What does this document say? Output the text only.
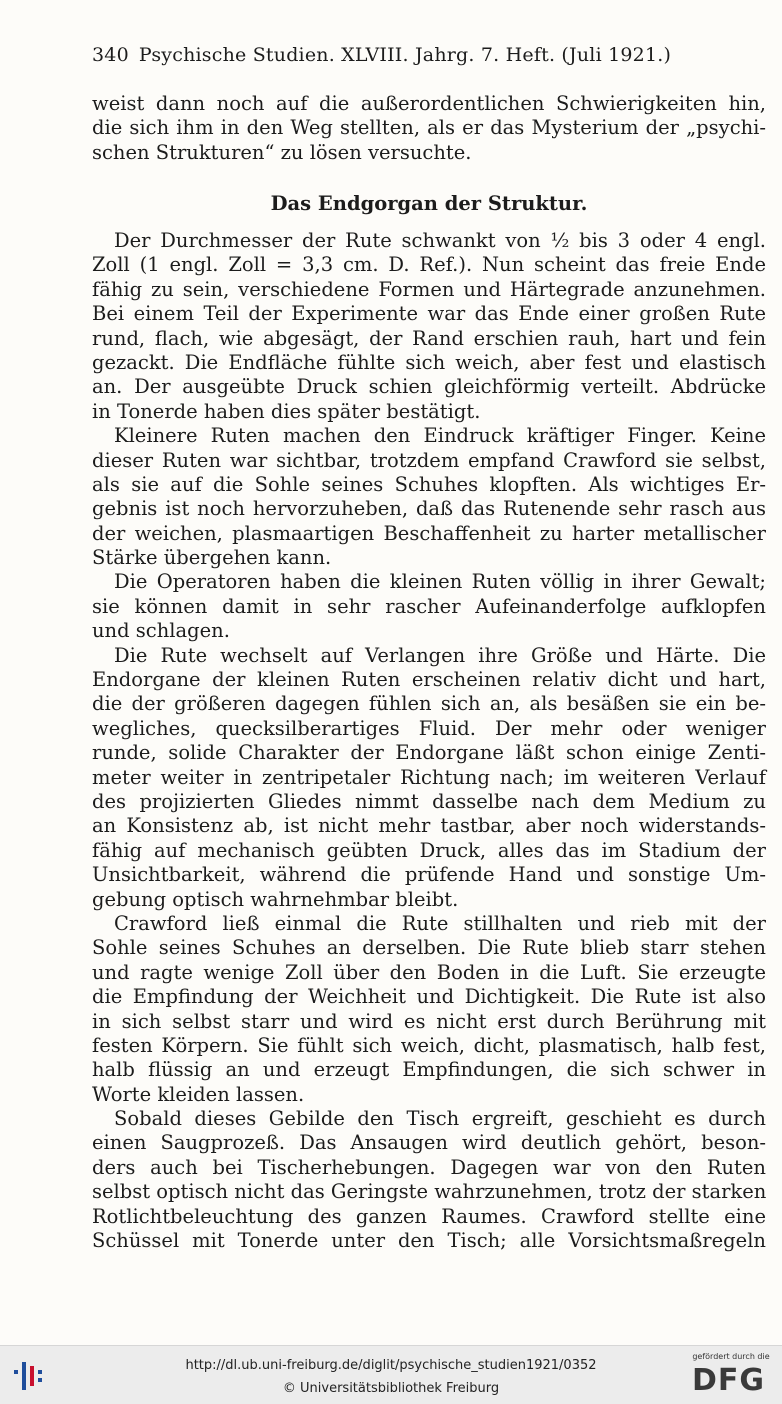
340 Psychische Studien. XLVIII. Jahrg. 7. Heft. (Juli 1921.)
weist dann noch auf die außerordentlichen Schwierigkeiten hin,
die sich ihm in den Weg stellten, als er das Mysterium der „psychi-
schen Strukturen“ zu lösen versuchte.
Das Endgorgan der Struktur.
Der Durchmesser der Rute schwankt von ½ bis 3 oder 4 engl.
Zoll (1 engl. Zoll = 3,3 cm. D. Ref.). Nun scheint das freie Ende
fähig zu sein, verschiedene Formen und Härtegrade anzunehmen.
Bei einem Teil der Experimente war das Ende einer großen Rute
rund, flach, wie abgesägt, der Rand erschien rauh, hart und fein
gezackt. Die Endfläche fühlte sich weich, aber fest und elastisch
an. Der ausgeübte Druck schien gleichförmig verteilt. Abdrücke
in Tonerde haben dies später bestätigt.
Kleinere Ruten machen den Eindruck kräftiger Finger. Keine
dieser Ruten war sichtbar, trotzdem empfand Crawford sie selbst,
als sie auf die Sohle seines Schuhes klopften. Als wichtiges Er-
gebnis ist noch hervorzuheben, daß das Rutenende sehr rasch aus
der weichen, plasmaartigen Beschaffenheit zu harter metallischer
Stärke übergehen kann.
Die Operatoren haben die kleinen Ruten völlig in ihrer Gewalt;
sie können damit in sehr rascher Aufeinanderfolge aufklopfen
und schlagen.
Die Rute wechselt auf Verlangen ihre Größe und Härte. Die
Endorgane der kleinen Ruten erscheinen relativ dicht und hart,
die der größeren dagegen fühlen sich an, als besäßen sie ein be-
wegliches, quecksilberartiges Fluid. Der mehr oder weniger
runde, solide Charakter der Endorgane läßt schon einige Zenti-
meter weiter in zentripetaler Richtung nach; im weiteren Verlauf
des projizierten Gliedes nimmt dasselbe nach dem Medium zu
an Konsistenz ab, ist nicht mehr tastbar, aber noch widerstands-
fähig auf mechanisch geübten Druck, alles das im Stadium der
Unsichtbarkeit, während die prüfende Hand und sonstige Um-
gebung optisch wahrnehmbar bleibt.
Crawford ließ einmal die Rute stillhalten und rieb mit der
Sohle seines Schuhes an derselben. Die Rute blieb starr stehen
und ragte wenige Zoll über den Boden in die Luft. Sie erzeugte
die Empfindung der Weichheit und Dichtigkeit. Die Rute ist also
in sich selbst starr und wird es nicht erst durch Berührung mit
festen Körpern. Sie fühlt sich weich, dicht, plasmatisch, halb fest,
halb flüssig an und erzeugt Empfindungen, die sich schwer in
Worte kleiden lassen.
Sobald dieses Gebilde den Tisch ergreift, geschieht es durch
einen Saugprozeß. Das Ansaugen wird deutlich gehört, beson-
ders auch bei Tischerhebungen. Dagegen war von den Ruten
selbst optisch nicht das Geringste wahrzunehmen, trotz der starken
Rotlichtbeleuchtung des ganzen Raumes. Crawford stellte eine
Schüssel mit Tonerde unter den Tisch; alle Vorsichtsmaßregeln
http://dl.ub.uni-freiburg.de/diglit/psychische_studien1921/0352
© Universitätsbibliothek Freiburg
gefördert durch die
DFG
